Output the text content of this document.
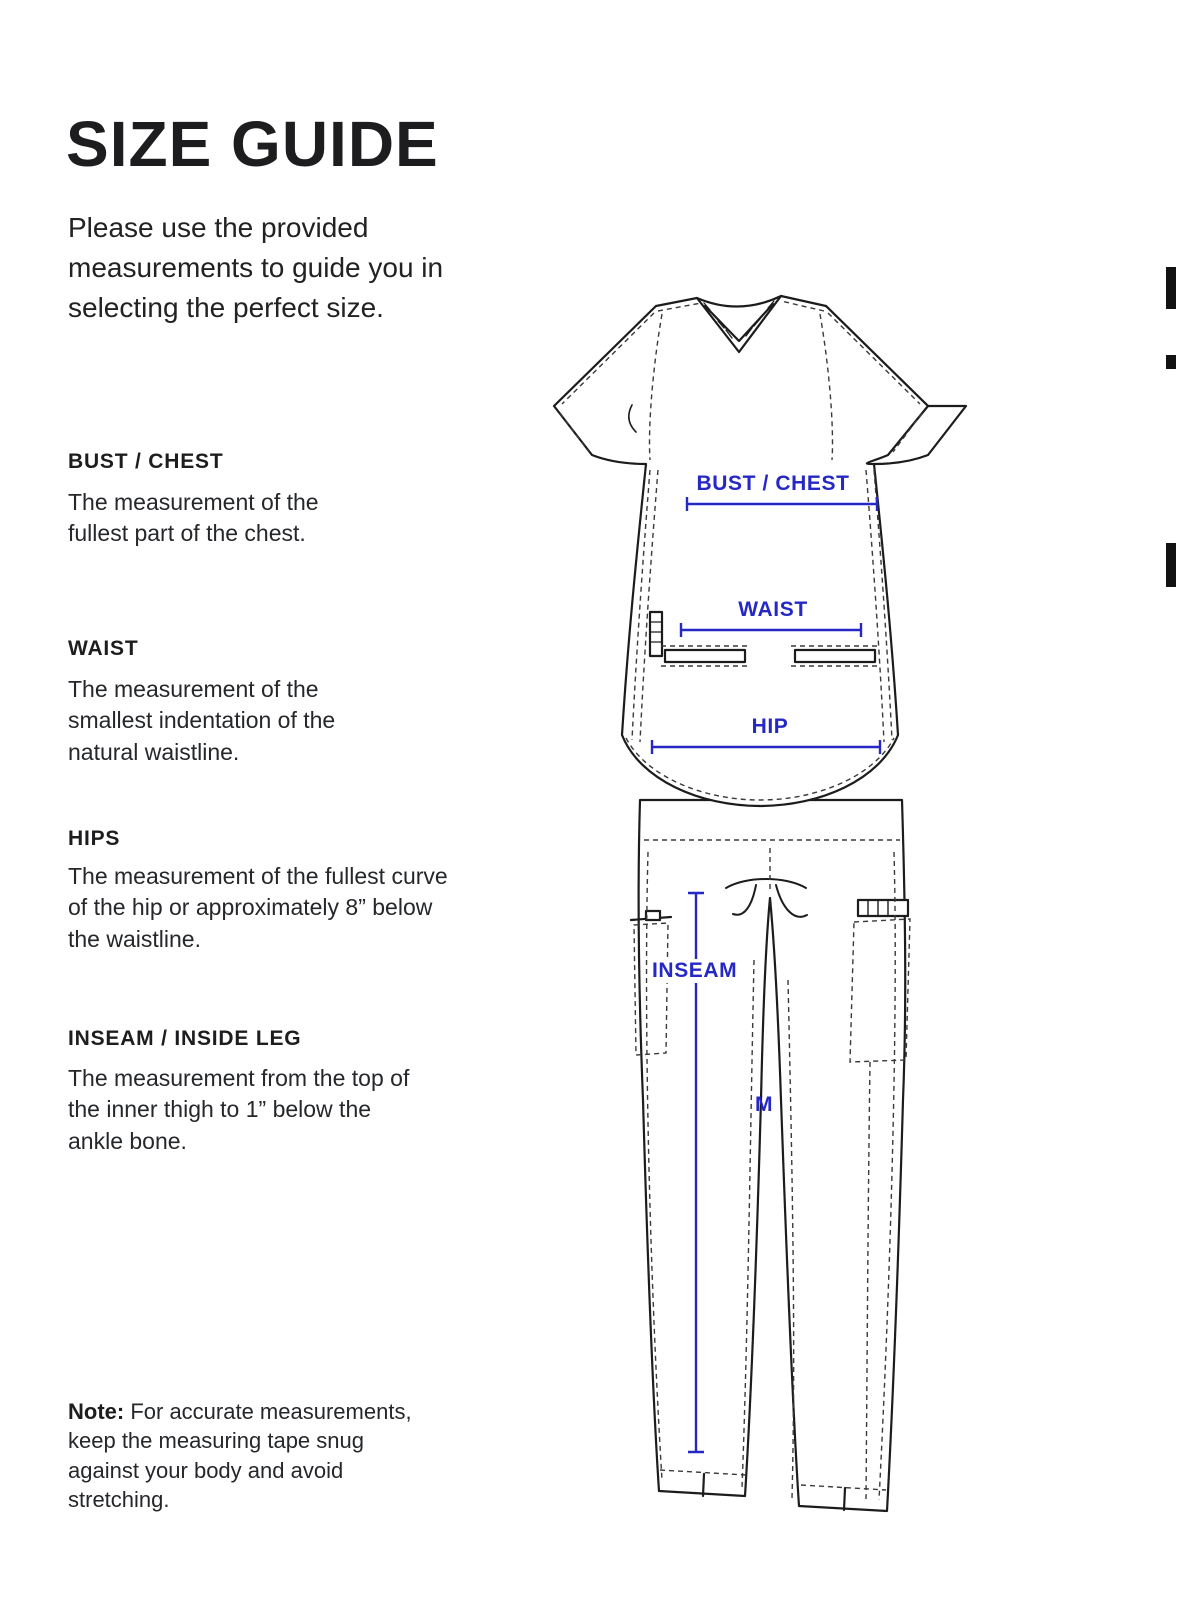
SIZE GUIDE

Please use the provided measurements to guide you in selecting the perfect size.

BUST / CHEST
The measurement of the fullest part of the chest.
WAIST
The measurement of the smallest indentation of the natural waistline.
HIPS
The measurement of the fullest curve of the hip or approximately 8” below the waistline.
INSEAM / INSIDE LEG
The measurement from the top of the inner thigh to 1” below the ankle bone.

Note: For accurate measurements, keep the measuring tape snug against your body and avoid stretching.

BUST / CHEST
WAIST
HIP
INSEAM
M
